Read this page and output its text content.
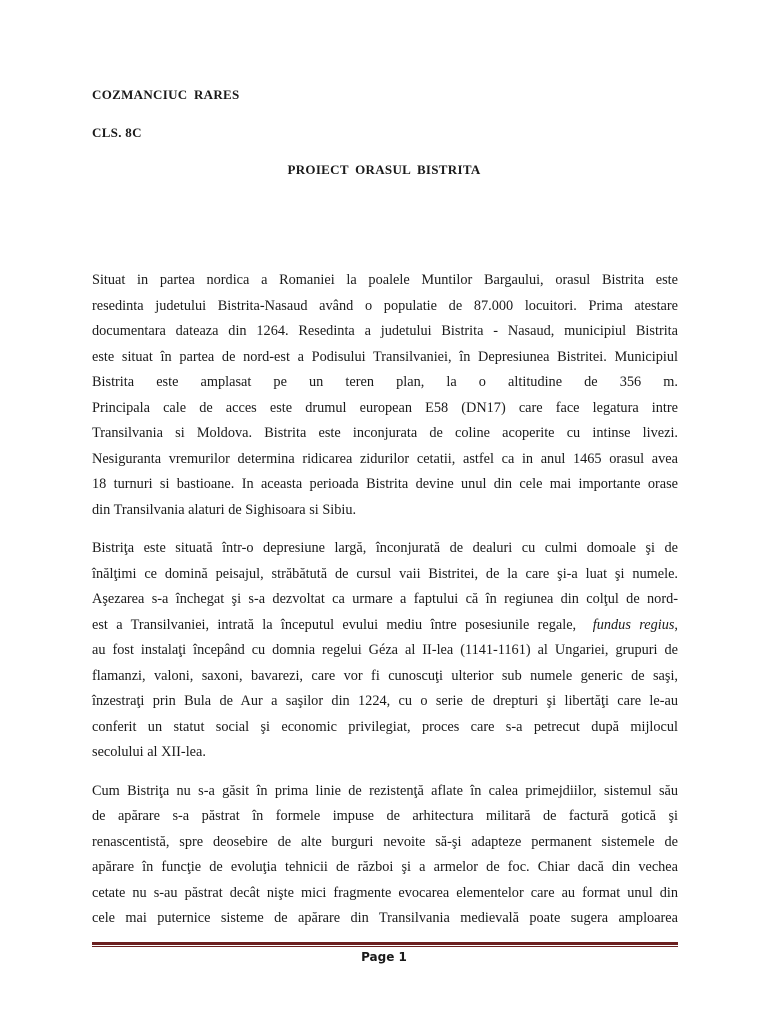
COZMANCIUC RARES
CLS. 8C
PROIECT ORASUL BISTRITA

Situat in partea nordica a Romaniei la poalele Muntilor Bargaului, orasul Bistrita este
resedinta judetului Bistrita-Nasaud având o populatie de 87.000 locuitori. Prima atestare
documentara dateaza din 1264. Resedinta a judetului Bistrita - Nasaud, municipiul Bistrita
este situat în partea de nord-est a Podisului Transilvaniei, în Depresiunea Bistritei. Municipiul
Bistrita este amplasat pe un teren plan, la o altitudine de 356 m.
Principala cale de acces este drumul european E58 (DN17) care face legatura intre
Transilvania si Moldova. Bistrita este inconjurata de coline acoperite cu intinse livezi.
Nesiguranta vremurilor determina ridicarea zidurilor cetatii, astfel ca in anul 1465 orasul avea
18 turnuri si bastioane. In aceasta perioada Bistrita devine unul din cele mai importante orase
din Transilvania alaturi de Sighisoara si Sibiu.

Bistriţa este situată într-o depresiune largă, înconjurată de dealuri cu culmi domoale şi de
înălţimi ce domină peisajul, străbătută de cursul vaii Bistritei, de la care şi-a luat şi numele.
Aşezarea s-a închegat şi s-a dezvoltat ca urmare a faptului că în regiunea din colţul de nord-
est a Transilvaniei, intrată la începutul evului mediu între posesiunile regale, fundus regius,
au fost instalaţi începând cu domnia regelui Géza al II-lea (1141-1161) al Ungariei, grupuri de
flamanzi, valoni, saxoni, bavarezi, care vor fi cunoscuţi ulterior sub numele generic de saşi,
înzestraţi prin Bula de Aur a saşilor din 1224, cu o serie de drepturi şi libertăţi care le-au
conferit un statut social şi economic privilegiat, proces care s-a petrecut după mijlocul
secolului al XII-lea.

Cum Bistriţa nu s-a găsit în prima linie de rezistenţă aflate în calea primejdiilor, sistemul său
de apărare s-a păstrat în formele impuse de arhitectura militară de factură gotică şi
renascentistă, spre deosebire de alte burguri nevoite să-şi adapteze permanent sistemele de
apărare în funcţie de evoluţia tehnicii de război şi a armelor de foc. Chiar dacă din vechea
cetate nu s-au păstrat decât nişte mici fragmente evocarea elementelor care au format unul din
cele mai puternice sisteme de apărare din Transilvania medievală poate sugera amploarea

Page 1
